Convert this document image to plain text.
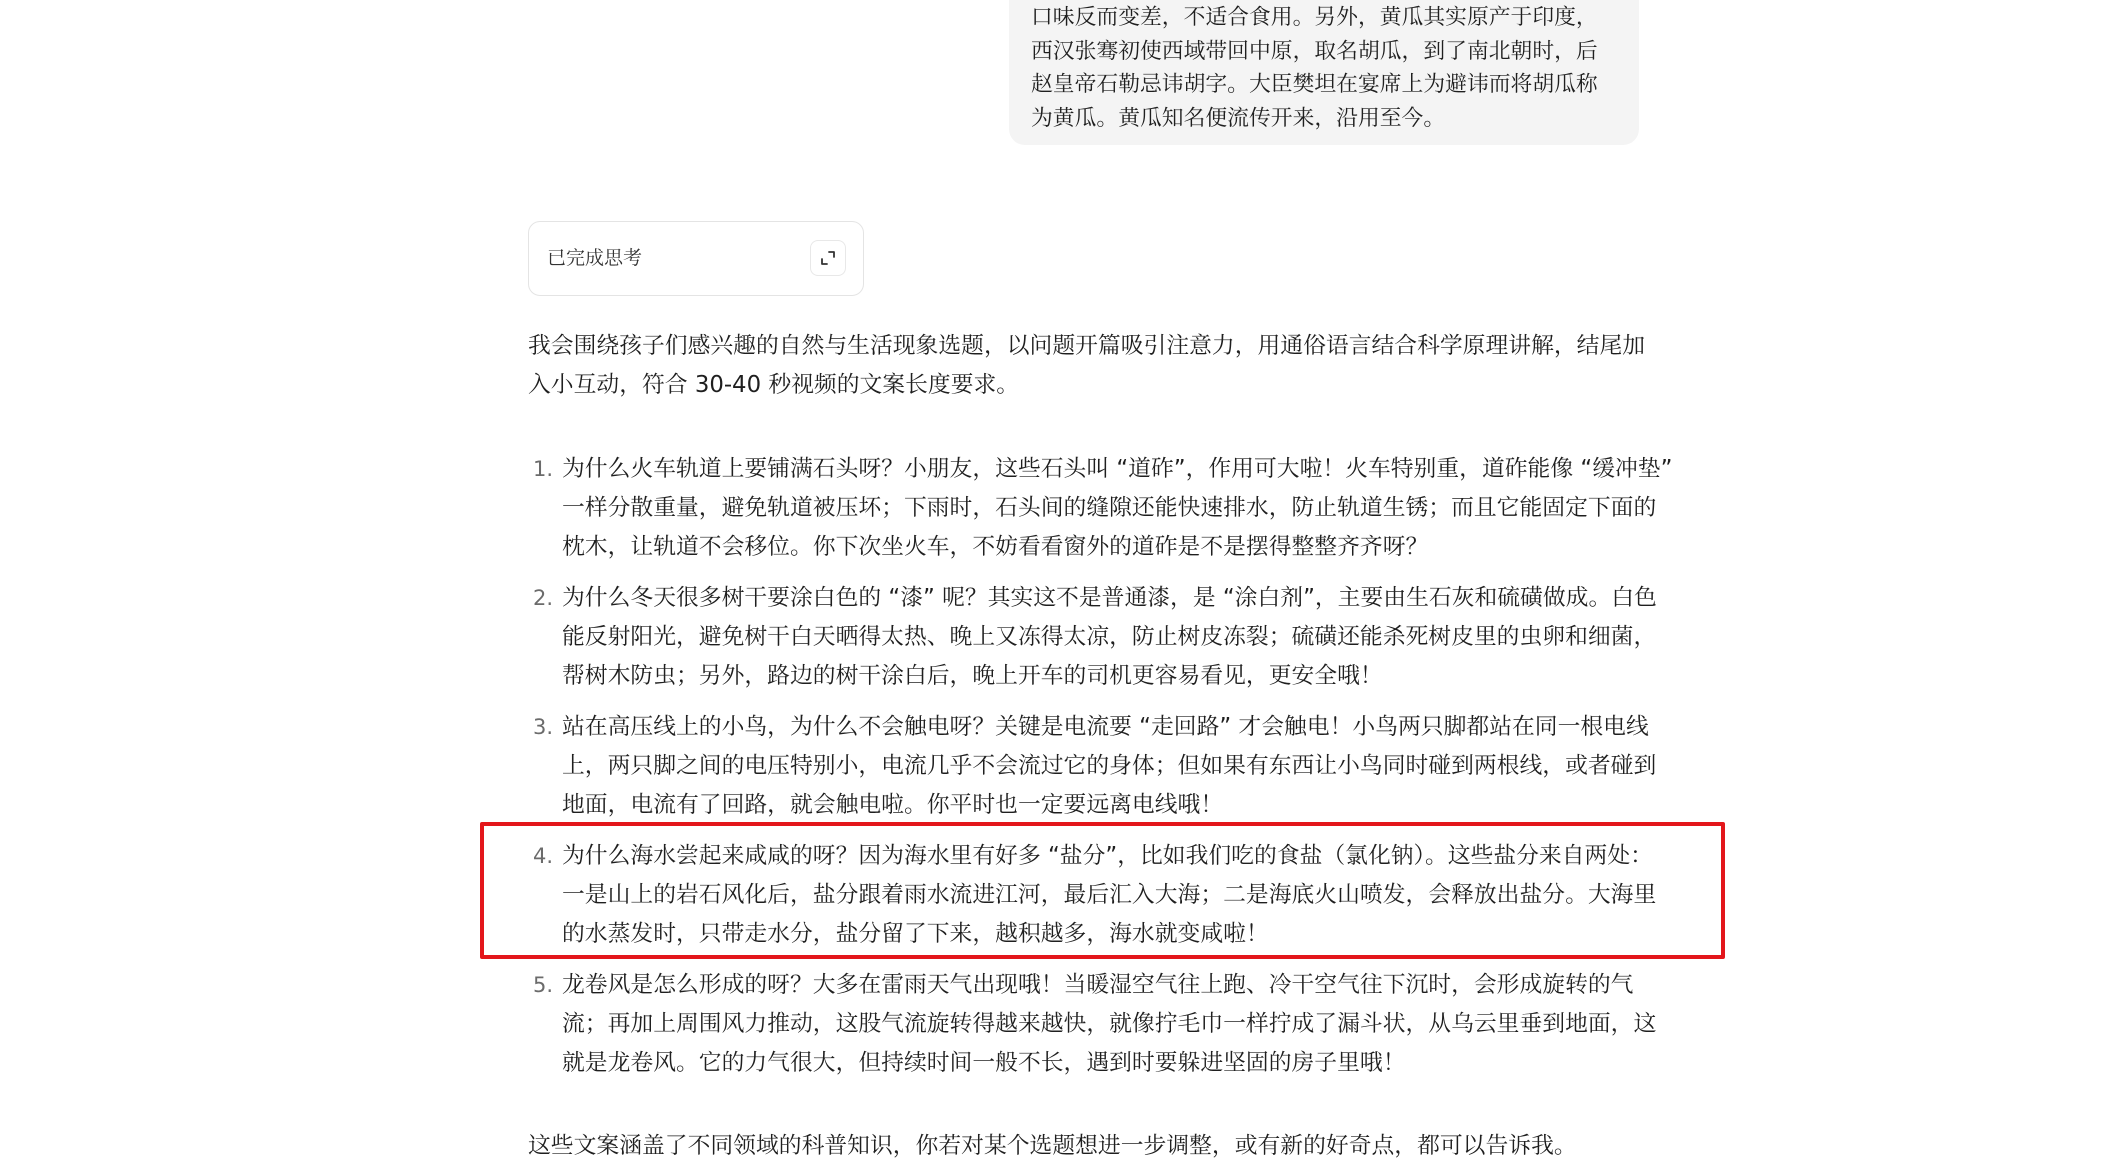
口味反而变差，不适合食用。另外，黄瓜其实原产于印度，
西汉张骞初使西域带回中原，取名胡瓜，到了南北朝时，后
赵皇帝石勒忌讳胡字。大臣樊坦在宴席上为避讳而将胡瓜称
为黄瓜。黄瓜知名便流传开来，沿用至今。
已完成思考
我会围绕孩子们感兴趣的自然与生活现象选题，以问题开篇吸引注意力，用通俗语言结合科学原理讲解，结尾加
入小互动，符合 30-40 秒视频的文案长度要求。
1. 为什么火车轨道上要铺满石头呀？小朋友，这些石头叫 “道砟”，作用可大啦！火车特别重，道砟能像 “缓冲垫”
一样分散重量，避免轨道被压坏；下雨时，石头间的缝隙还能快速排水，防止轨道生锈；而且它能固定下面的
枕木，让轨道不会移位。你下次坐火车，不妨看看窗外的道砟是不是摆得整整齐齐呀？
2. 为什么冬天很多树干要涂白色的 “漆” 呢？其实这不是普通漆，是 “涂白剂”，主要由生石灰和硫磺做成。白色
能反射阳光，避免树干白天晒得太热、晚上又冻得太凉，防止树皮冻裂；硫磺还能杀死树皮里的虫卵和细菌，
帮树木防虫；另外，路边的树干涂白后，晚上开车的司机更容易看见，更安全哦！
3. 站在高压线上的小鸟，为什么不会触电呀？关键是电流要 “走回路” 才会触电！小鸟两只脚都站在同一根电线
上，两只脚之间的电压特别小，电流几乎不会流过它的身体；但如果有东西让小鸟同时碰到两根线，或者碰到
地面，电流有了回路，就会触电啦。你平时也一定要远离电线哦！
4. 为什么海水尝起来咸咸的呀？因为海水里有好多 “盐分”，比如我们吃的食盐（氯化钠）。这些盐分来自两处：
一是山上的岩石风化后，盐分跟着雨水流进江河，最后汇入大海；二是海底火山喷发，会释放出盐分。大海里
的水蒸发时，只带走水分，盐分留了下来，越积越多，海水就变咸啦！
5. 龙卷风是怎么形成的呀？大多在雷雨天气出现哦！当暖湿空气往上跑、冷干空气往下沉时，会形成旋转的气
流；再加上周围风力推动，这股气流旋转得越来越快，就像拧毛巾一样拧成了漏斗状，从乌云里垂到地面，这
就是龙卷风。它的力气很大，但持续时间一般不长，遇到时要躲进坚固的房子里哦！
这些文案涵盖了不同领域的科普知识，你若对某个选题想进一步调整，或有新的好奇点，都可以告诉我。
